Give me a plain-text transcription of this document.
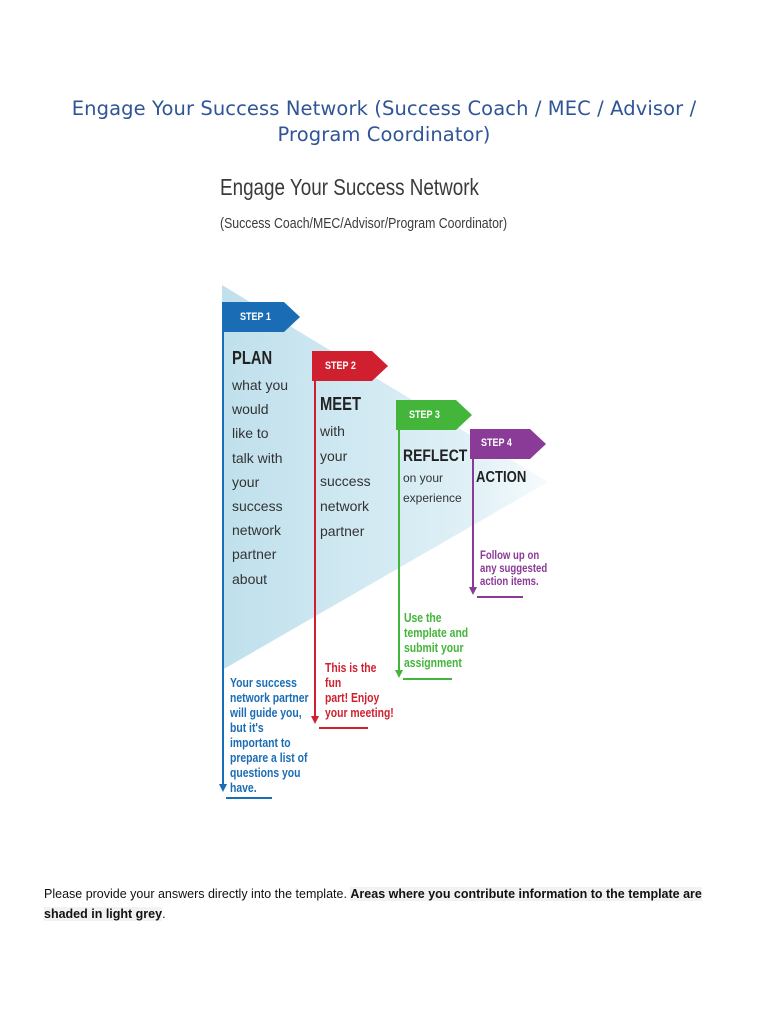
Engage Your Success Network (Success Coach / MEC / Advisor /
Program Coordinator)
Engage Your Success Network
(Success Coach/MEC/Advisor/Program Coordinator)
STEP 1
STEP 2
STEP 3
STEP 4
PLAN
MEET
REFLECT
ACTION
what you
would
like to
talk with
your
success
network
partner
about
with
your
success
network
partner
on your
experience
Your success
network partner
will guide you,
but it's
important to
prepare a list of
questions you
have.
This is the
fun
part! Enjoy
your meeting!
Use the
template and
submit your
assignment
Follow up on
any suggested
action items.
Please provide your answers directly into the template. Areas where you contribute information to the template are shaded in light grey.
